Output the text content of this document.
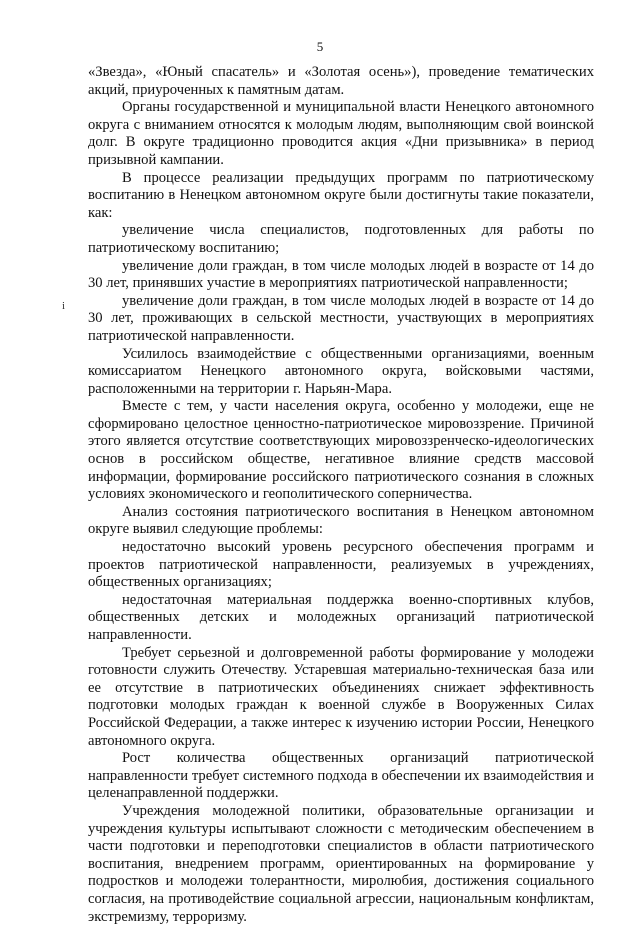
5
i

«Звезда», «Юный спасатель» и «Золотая осень»), проведение тематических акций, приуроченных к памятным датам.

Органы государственной и муниципальной власти Ненецкого автономного округа с вниманием относятся к молодым людям, выполняющим свой воинской долг. В округе традиционно проводится акция «Дни призывника» в период призывной кампании.

В процессе реализации предыдущих программ по патриотическому воспитанию в Ненецком автономном округе были достигнуты такие показатели, как:

увеличение числа специалистов, подготовленных для работы по патриотическому воспитанию;

увеличение доли граждан, в том числе молодых людей в возрасте от 14 до 30 лет, принявших участие в мероприятиях патриотической направленности;

увеличение доли граждан, в том числе молодых людей в возрасте от 14 до 30 лет, проживающих в сельской местности, участвующих в мероприятиях патриотической направленности.

Усилилось взаимодействие с общественными организациями, военным комиссариатом Ненецкого автономного округа, войсковыми частями, расположенными на территории г. Нарьян-Мара.

Вместе с тем, у части населения округа, особенно у молодежи, еще не сформировано целостное ценностно-патриотическое мировоззрение. Причиной этого является отсутствие соответствующих мировоззренческо-идеологических основ в российском обществе, негативное влияние средств массовой информации, формирование российского патриотического сознания в сложных условиях экономического и геополитического соперничества.

Анализ состояния патриотического воспитания в Ненецком автономном округе выявил следующие проблемы:

недостаточно высокий уровень ресурсного обеспечения программ и проектов патриотической направленности, реализуемых в учреждениях, общественных организациях;

недостаточная материальная поддержка военно-спортивных клубов, общественных детских и молодежных организаций патриотической направленности.

Требует серьезной и долговременной работы формирование у молодежи готовности служить Отечеству. Устаревшая материально-техническая база или ее отсутствие в патриотических объединениях снижает эффективность подготовки молодых граждан к военной службе в Вооруженных Силах Российской Федерации, а также интерес к изучению истории России, Ненецкого автономного округа.

Рост количества общественных организаций патриотической направленности требует системного подхода в обеспечении их взаимодействия и целенаправленной поддержки.

Учреждения молодежной политики, образовательные организации и учреждения культуры испытывают сложности с методическим обеспечением в части подготовки и переподготовки специалистов в области патриотического воспитания, внедрением программ, ориентированных на формирование у подростков и молодежи толерантности, миролюбия, достижения социального согласия, на противодействие социальной агрессии, национальным конфликтам, экстремизму, терроризму.
